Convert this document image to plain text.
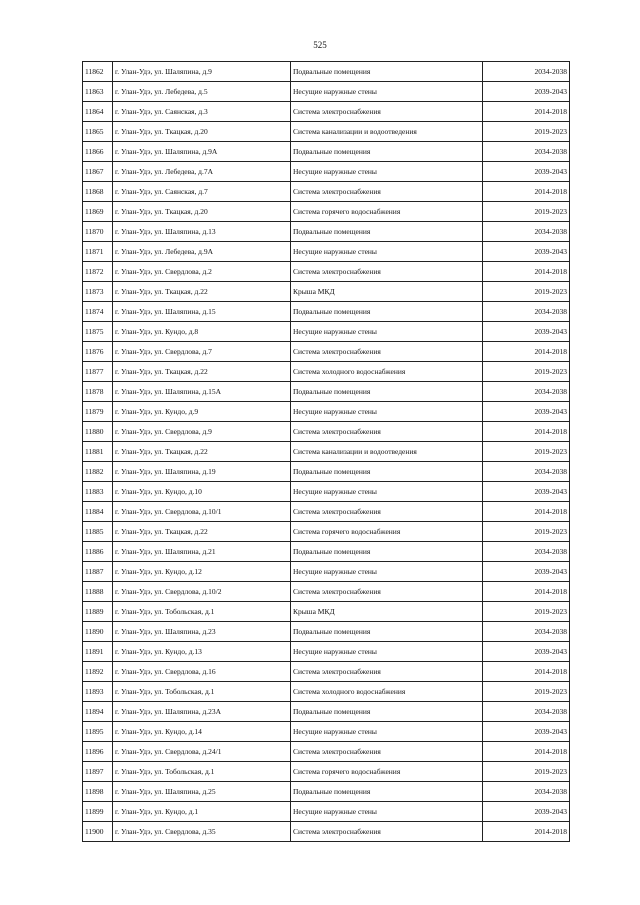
525
11862	г. Улан-Удэ, ул. Шаляпина, д.9	Подвальные помещения	2034-2038
11863	г. Улан-Удэ, ул. Лебедева, д.5	Несущие наружные стены	2039-2043
11864	г. Улан-Удэ, ул. Саянская, д.3	Система электроснабжения	2014-2018
11865	г. Улан-Удэ, ул. Ткацкая, д.20	Система канализации и водоотведения	2019-2023
11866	г. Улан-Удэ, ул. Шаляпина, д.9А	Подвальные помещения	2034-2038
11867	г. Улан-Удэ, ул. Лебедева, д.7А	Несущие наружные стены	2039-2043
11868	г. Улан-Удэ, ул. Саянская, д.7	Система электроснабжения	2014-2018
11869	г. Улан-Удэ, ул. Ткацкая, д.20	Система горячего водоснабжения	2019-2023
11870	г. Улан-Удэ, ул. Шаляпина, д.13	Подвальные помещения	2034-2038
11871	г. Улан-Удэ, ул. Лебедева, д.9А	Несущие наружные стены	2039-2043
11872	г. Улан-Удэ, ул. Свердлова, д.2	Система электроснабжения	2014-2018
11873	г. Улан-Удэ, ул. Ткацкая, д.22	Крыша МКД	2019-2023
11874	г. Улан-Удэ, ул. Шаляпина, д.15	Подвальные помещения	2034-2038
11875	г. Улан-Удэ, ул. Кундо, д.8	Несущие наружные стены	2039-2043
11876	г. Улан-Удэ, ул. Свердлова, д.7	Система электроснабжения	2014-2018
11877	г. Улан-Удэ, ул. Ткацкая, д.22	Система холодного водоснабжения	2019-2023
11878	г. Улан-Удэ, ул. Шаляпина, д.15А	Подвальные помещения	2034-2038
11879	г. Улан-Удэ, ул. Кундо, д.9	Несущие наружные стены	2039-2043
11880	г. Улан-Удэ, ул. Свердлова, д.9	Система электроснабжения	2014-2018
11881	г. Улан-Удэ, ул. Ткацкая, д.22	Система канализации и водоотведения	2019-2023
11882	г. Улан-Удэ, ул. Шаляпина, д.19	Подвальные помещения	2034-2038
11883	г. Улан-Удэ, ул. Кундо, д.10	Несущие наружные стены	2039-2043
11884	г. Улан-Удэ, ул. Свердлова, д.10/1	Система электроснабжения	2014-2018
11885	г. Улан-Удэ, ул. Ткацкая, д.22	Система горячего водоснабжения	2019-2023
11886	г. Улан-Удэ, ул. Шаляпина, д.21	Подвальные помещения	2034-2038
11887	г. Улан-Удэ, ул. Кундо, д.12	Несущие наружные стены	2039-2043
11888	г. Улан-Удэ, ул. Свердлова, д.10/2	Система электроснабжения	2014-2018
11889	г. Улан-Удэ, ул. Тобольская, д.1	Крыша МКД	2019-2023
11890	г. Улан-Удэ, ул. Шаляпина, д.23	Подвальные помещения	2034-2038
11891	г. Улан-Удэ, ул. Кундо, д.13	Несущие наружные стены	2039-2043
11892	г. Улан-Удэ, ул. Свердлова, д.16	Система электроснабжения	2014-2018
11893	г. Улан-Удэ, ул. Тобольская, д.1	Система холодного водоснабжения	2019-2023
11894	г. Улан-Удэ, ул. Шаляпина, д.23А	Подвальные помещения	2034-2038
11895	г. Улан-Удэ, ул. Кундо, д.14	Несущие наружные стены	2039-2043
11896	г. Улан-Удэ, ул. Свердлова, д.24/1	Система электроснабжения	2014-2018
11897	г. Улан-Удэ, ул. Тобольская, д.1	Система горячего водоснабжения	2019-2023
11898	г. Улан-Удэ, ул. Шаляпина, д.25	Подвальные помещения	2034-2038
11899	г. Улан-Удэ, ул. Кундо, д.1	Несущие наружные стены	2039-2043
11900	г. Улан-Удэ, ул. Свердлова, д.35	Система электроснабжения	2014-2018
